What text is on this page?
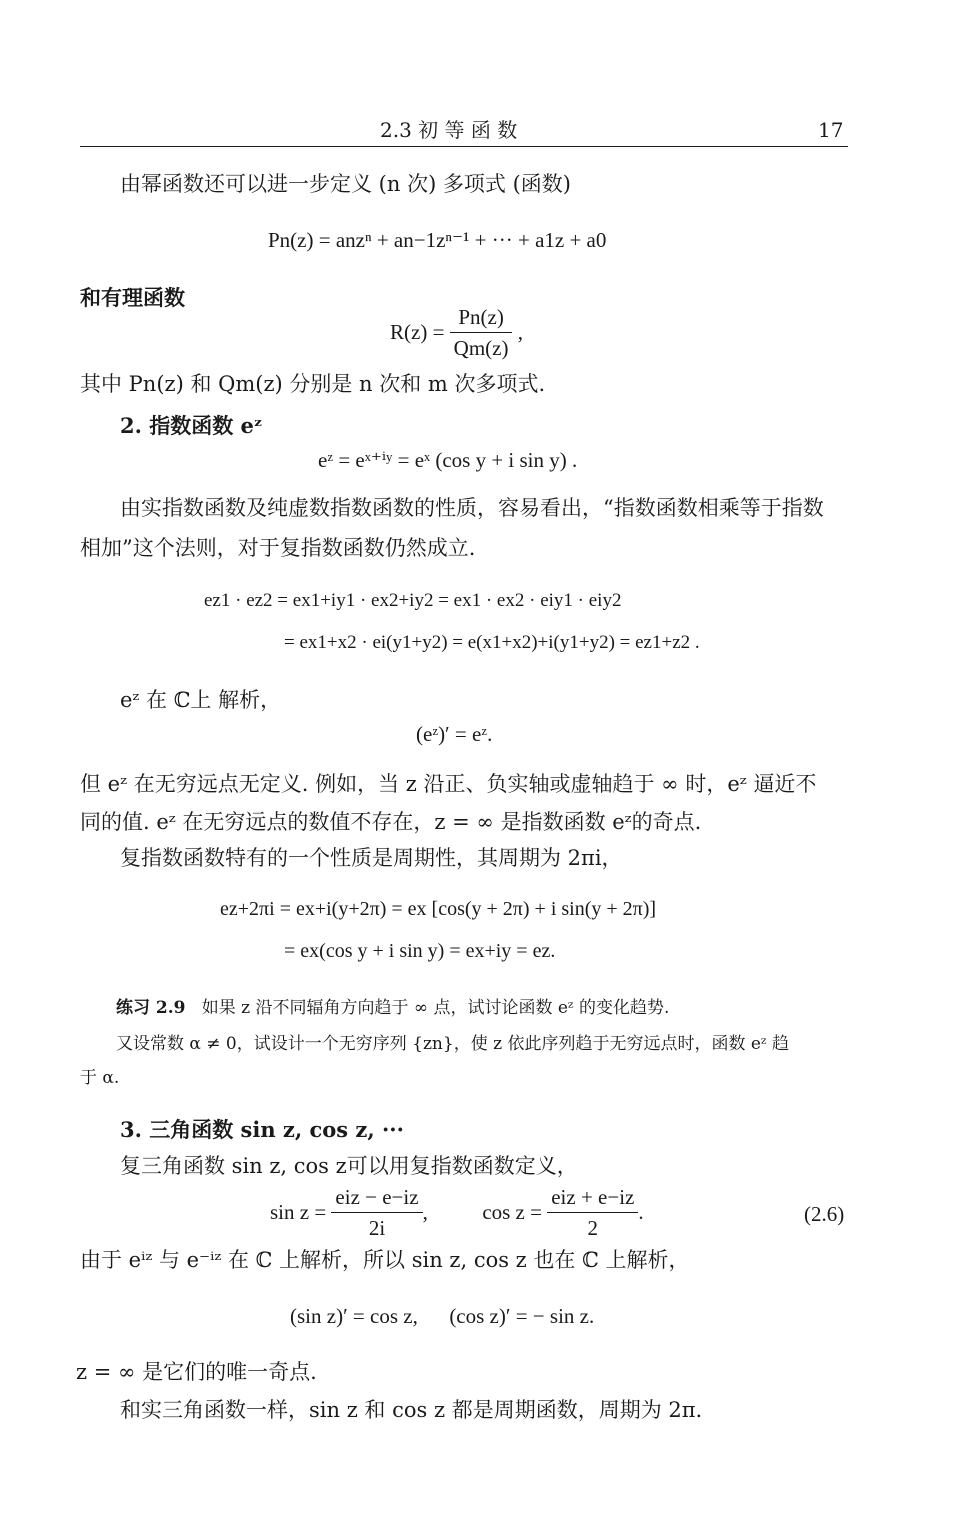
2.3 初 等 函 数	17
由幂函数还可以进一步定义 (n 次) 多项式 (函数)
Pn(z) = anzⁿ + an−1zⁿ⁻¹ + ··· + a1z + a0
和有理函数
$R(z) = \frac{Pn(z)}{Qm(z)}$ ,
其中 Pn(z) 和 Qm(z) 分别是 n 次和 m 次多项式.
2. 指数函数 eᶻ
eᶻ = eˣ⁺ⁱʸ = eˣ (cos y + i sin y) .
由实指数函数及纯虚数指数函数的性质，容易看出，“指数函数相乘等于指数
相加”这个法则，对于复指数函数仍然成立.
ez1 · ez2 = ex1+iy1 · ex2+iy2 = ex1 · ex2 · eiy1 · eiy2
= ex1+x2 · ei(y1+y2) = e(x1+x2)+i(y1+y2) = ez1+z2 .
eᶻ 在 ℂ上 解析，
(eᶻ)′ = eᶻ.
但 eᶻ 在无穷远点无定义. 例如，当 z 沿正、负实轴或虚轴趋于 ∞ 时，eᶻ 逼近不
同的值. eᶻ 在无穷远点的数值不存在，z = ∞ 是指数函数 eᶻ的奇点.
复指数函数特有的一个性质是周期性，其周期为 2πi，
ez+2πi = ex+i(y+2π) = ex [cos(y + 2π) + i sin(y + 2π)]
= ex(cos y + i sin y) = ex+iy = ez.
练习 2.9 如果 z 沿不同辐角方向趋于 ∞ 点，试讨论函数 eᶻ 的变化趋势.
又设常数 α ≠ 0，试设计一个无穷序列 {zn}，使 z 依此序列趋于无穷远点时，函数 eᶻ 趋
于 α.
3. 三角函数 sin z, cos z, ···
复三角函数 sin z, cos z可以用复指数函数定义，
$\sin z = \frac{\text{eiz − e−iz}}{2i}$ ,	$\cos z = \frac{\text{eiz + e−iz}}{2}$ .	(2.6)
由于 eⁱᶻ 与 e⁻ⁱᶻ 在 ℂ 上解析，所以 sin z, cos z 也在 ℂ 上解析，
(sin z)′ = cos z,      (cos z)′ = − sin z.
z = ∞ 是它们的唯一奇点.
和实三角函数一样，sin z 和 cos z 都是周期函数，周期为 2π.
